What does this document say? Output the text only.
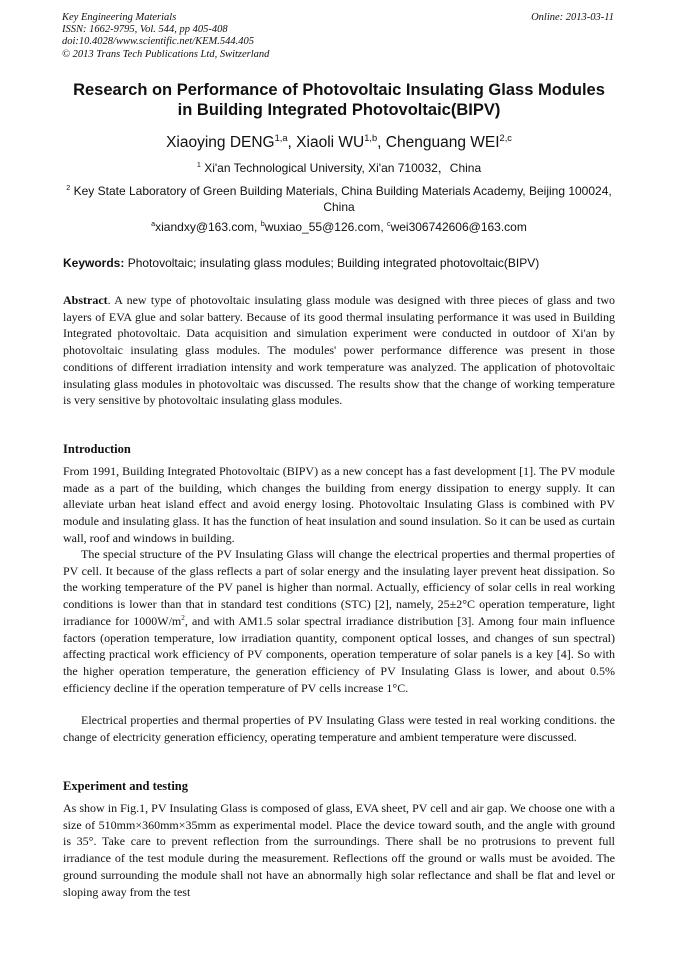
Key Engineering Materials
ISSN: 1662-9795, Vol. 544, pp 405-408
doi:10.4028/www.scientific.net/KEM.544.405
© 2013 Trans Tech Publications Ltd, Switzerland
Online: 2013-03-11
Research on Performance of Photovoltaic Insulating Glass Modules
in Building Integrated Photovoltaic(BIPV)
Xiaoying DENG$^{1,a}$, Xiaoli WU$^{1,b}$, Chenguang WEI$^{2,c}$
$^1$ Xi'an Technological University, Xi'an 710032，China
$^2$ Key State Laboratory of Green Building Materials, China Building Materials Academy, Beijing 100024, China
$^a$xiandxy@163.com, $^b$wuxiao_55@126.com, $^c$wei306742606@163.com
Keywords: Photovoltaic; insulating glass modules; Building integrated photovoltaic(BIPV)

Abstract. A new type of photovoltaic insulating glass module was designed with three pieces of glass and two layers of EVA glue and solar battery. Because of its good thermal insulating performance it was used in Building Integrated photovoltaic. Data acquisition and simulation experiment were conducted in outdoor of Xi'an by photovoltaic insulating glass modules. The modules' power performance difference was present in those conditions of different irradiation intensity and work temperature was analyzed. The application of photovoltaic insulating glass modules in photovoltaic was discussed. The results show that the change of working temperature is very sensitive by photovoltaic insulating glass modules.

Introduction

From 1991, Building Integrated Photovoltaic (BIPV) as a new concept has a fast development [1]. The PV module made as a part of the building, which changes the building from energy dissipation to energy supply. It can alleviate urban heat island effect and avoid energy losing. Photovoltaic Insulating Glass is combined with PV module and insulating glass. It has the function of heat insulation and sound insulation. So it can be used as curtain wall, roof and windows in building.

The special structure of the PV Insulating Glass will change the electrical properties and thermal properties of PV cell. It because of the glass reflects a part of solar energy and the insulating layer prevent heat dissipation. So the working temperature of the PV panel is higher than normal. Actually, efficiency of solar cells in real working conditions is lower than that in standard test conditions (STC) [2], namely, 25±2°C operation temperature, light irradiance for $1000W/m^2$, and with AM1.5 solar spectral irradiance distribution [3]. Among four main influence factors (operation temperature, low irradiation quantity, component optical losses, and changes of sun spectral) affecting practical work efficiency of PV components, operation temperature of solar panels is a key [4]. So with the higher operation temperature, the generation efficiency of PV Insulating Glass is lower, and about 0.5% efficiency decline if the operation temperature of PV cells increase 1°C.

Electrical properties and thermal properties of PV Insulating Glass were tested in real working conditions. the change of electricity generation efficiency, operating temperature and ambient temperature were discussed.

Experiment and testing

As show in Fig.1, PV Insulating Glass is composed of glass, EVA sheet, PV cell and air gap. We choose one with a size of 510mm×360mm×35mm as experimental model. Place the device toward south, and the angle with ground is 35°. Take care to prevent reflection from the surroundings. There shall be no protrusions to prevent full irradiance of the test module during the measurement. Reflections off the ground or walls must be avoided. The ground surrounding the module shall not have an abnormally high solar reflectance and shall be flat and level or sloping away from the test
